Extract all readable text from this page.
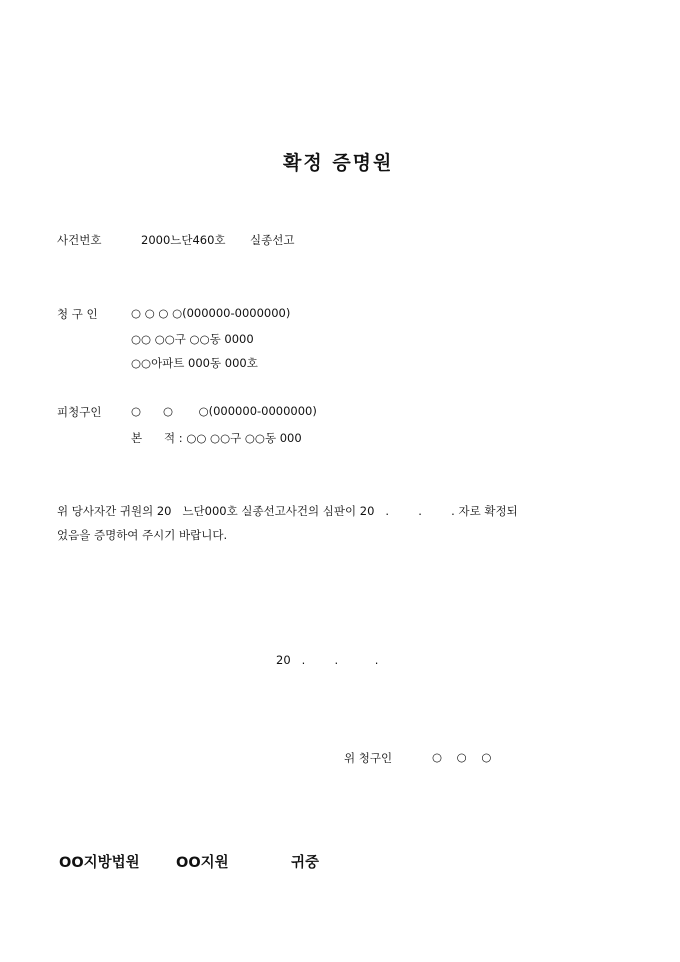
확정 증명원
사건번호	2000느단460호 실종선고
청 구 인	○ ○ ○ ○(000000-0000000)
○○ ○○구 ○○동 0000
○○아파트 000동 000호
피청구인	○      ○       ○(000000-0000000)
본      적 : ○○ ○○구 ○○동 000
위 당사자간 귀원의 20   느단000호 실종선고사건의 심판이 20   .        .        . 자로 확정되
었음을 증명하여 주시기 바랍니다.
20   .        .          .
위 청구인	○    ○    ○
OO지방법원	OO지원	귀중
